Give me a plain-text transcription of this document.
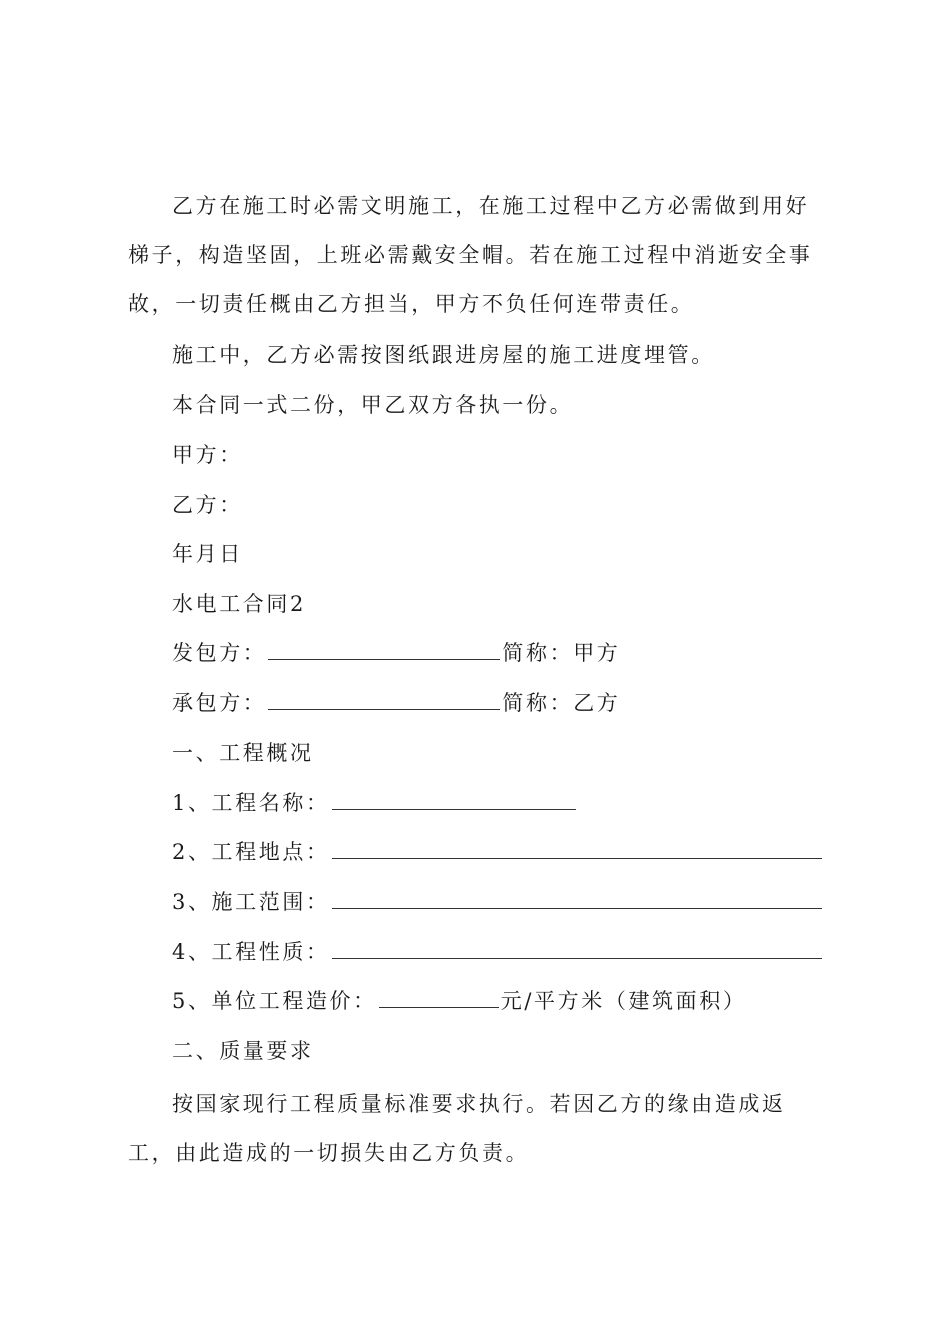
乙方在施工时必需文明施工，在施工过程中乙方必需做到用好梯子，构造坚固，上班必需戴安全帽。若在施工过程中消逝安全事故，一切责任概由乙方担当，甲方不负任何连带责任。

施工中，乙方必需按图纸跟进房屋的施工进度埋管。

本合同一式二份，甲乙双方各执一份。

甲方：

乙方：

年月日

水电工合同2

发包方：	简称：甲方
承包方：	简称：乙方

一、工程概况

1、工程名称：
2、工程地点：
3、施工范围：
4、工程性质：
5、单位工程造价：	元/平方米（建筑面积）

二、质量要求

按国家现行工程质量标准要求执行。若因乙方的缘由造成返工，由此造成的一切损失由乙方负责。
